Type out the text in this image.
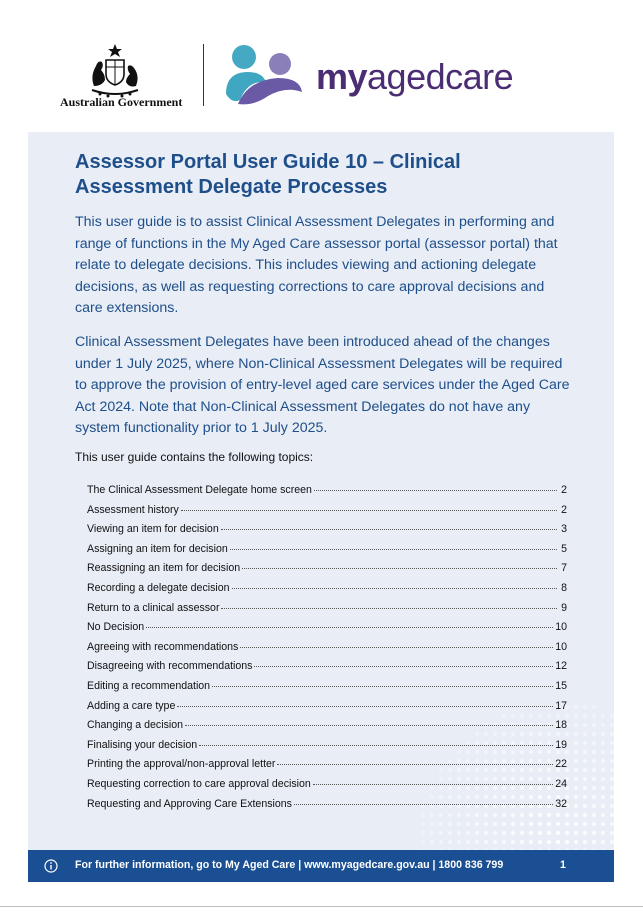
Australian Government
myagedcare
Assessor Portal User Guide 10 – Clinical Assessment Delegate Processes

This user guide is to assist Clinical Assessment Delegates in performing and range of functions in the My Aged Care assessor portal (assessor portal) that relate to delegate decisions. This includes viewing and actioning delegate decisions, as well as requesting corrections to care approval decisions and care extensions.

Clinical Assessment Delegates have been introduced ahead of the changes under 1 July 2025, where Non-Clinical Assessment Delegates will be required to approve the provision of entry-level aged care services under the Aged Care Act 2024. Note that Non-Clinical Assessment Delegates do not have any system functionality prior to 1 July 2025.

This user guide contains the following topics:

The Clinical Assessment Delegate home screen	2
Assessment history	2
Viewing an item for decision	3
Assigning an item for decision	5
Reassigning an item for decision	7
Recording a delegate decision	8
Return to a clinical assessor	9
No Decision	10
Agreeing with recommendations	10
Disagreeing with recommendations	12
Editing a recommendation	15
Adding a care type	17
Changing a decision	18
Finalising your decision	19
Printing the approval/non-approval letter	22
Requesting correction to care approval decision	24
Requesting and Approving Care Extensions	32
For further information, go to My Aged Care | www.myagedcare.gov.au | 1800 836 799	1
